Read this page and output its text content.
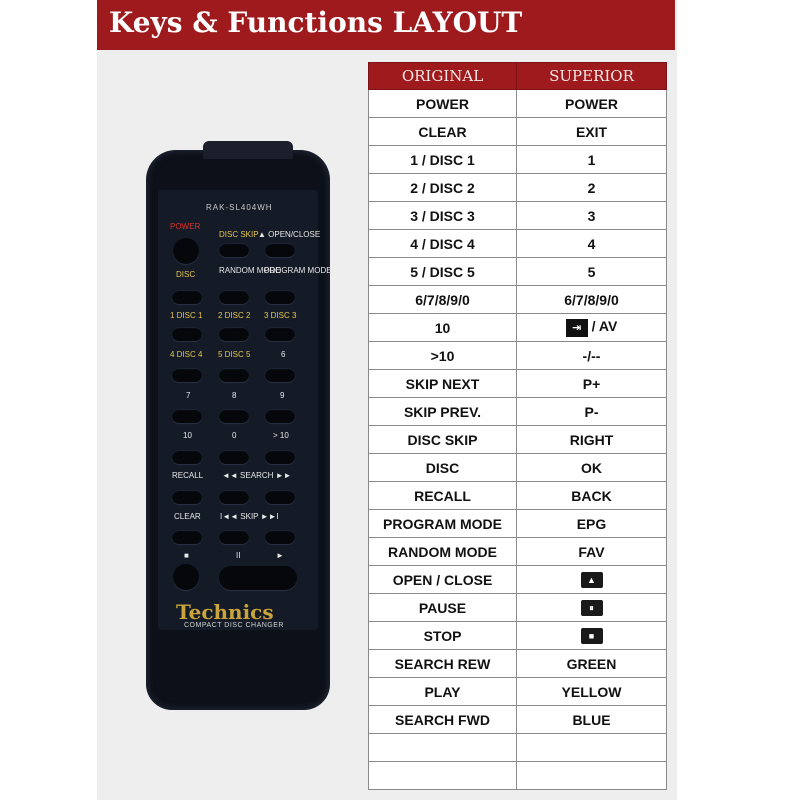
Keys & Functions LAYOUT
RAK-SL404WH
POWER
DISC SKIP ▲ OPEN/CLOSE
DISC	RANDOM MODE
PROGRAM MODE
1 DISC 1 2 DISC 2 3 DISC 3
4 DISC 4 5 DISC 5	6
7	8	9
10	0	> 10
RECALL ◄◄ SEARCH ►►
CLEAR I◄◄ SKIP ►►I
■	II	►
Technics
COMPACT DISC CHANGER
ORIGINAL	SUPERIOR
POWER	POWER
CLEAR	EXIT
1 / DISC 1	1
2 / DISC 2	2
3 / DISC 3	3
4 / DISC 4	4
5 / DISC 5	5
6/7/8/9/0	6/7/8/9/0
10	⇥ / AV
>10	-/--
SKIP NEXT	P+
SKIP PREV.	P-
DISC SKIP	RIGHT
DISC	OK
RECALL	BACK
PROGRAM MODE	EPG
RANDOM MODE	FAV
OPEN / CLOSE	▲
PAUSE	⏸
STOP	■
SEARCH REW	GREEN
PLAY	YELLOW
SEARCH FWD	BLUE
